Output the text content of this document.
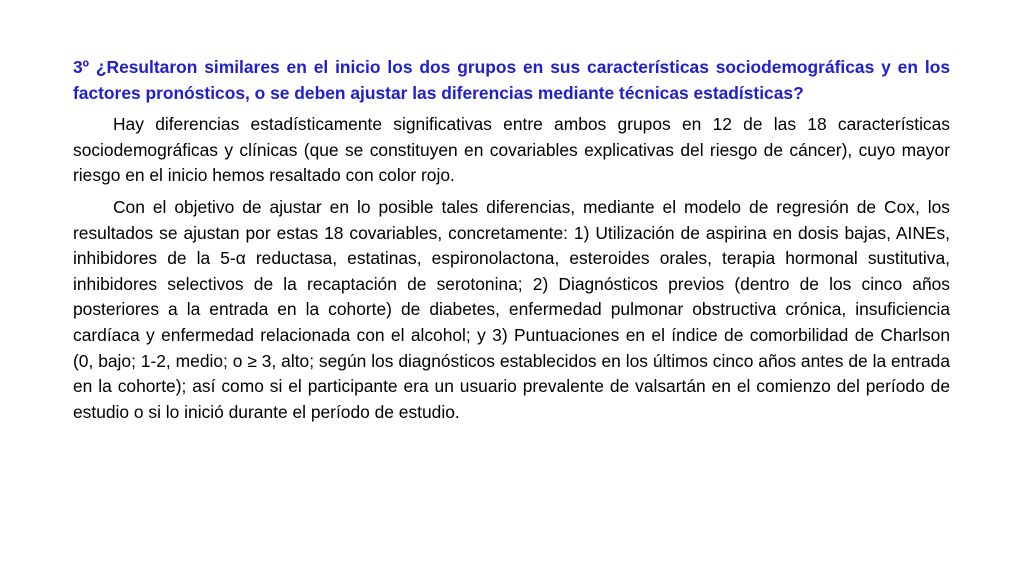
3º ¿Resultaron similares en el inicio los dos grupos en sus características sociodemográficas y en los factores pronósticos, o se deben ajustar las diferencias mediante técnicas estadísticas?

Hay diferencias estadísticamente significativas entre ambos grupos en 12 de las 18 características sociodemográficas y clínicas (que se constituyen en covariables explicativas del riesgo de cáncer), cuyo mayor riesgo en el inicio hemos resaltado con color rojo.

Con el objetivo de ajustar en lo posible tales diferencias, mediante el modelo de regresión de Cox, los resultados se ajustan por estas 18 covariables, concretamente: 1) Utilización de aspirina en dosis bajas, AINEs, inhibidores de la 5-α reductasa, estatinas, espironolactona, esteroides orales, terapia hormonal sustitutiva, inhibidores selectivos de la recaptación de serotonina; 2) Diagnósticos previos (dentro de los cinco años posteriores a la entrada en la cohorte) de diabetes, enfermedad pulmonar obstructiva crónica, insuficiencia cardíaca y enfermedad relacionada con el alcohol; y 3) Puntuaciones en el índice de comorbilidad de Charlson (0, bajo; 1-2, medio; o ≥ 3, alto; según los diagnósticos establecidos en los últimos cinco años antes de la entrada en la cohorte); así como si el participante era un usuario prevalente de valsartán en el comienzo del período de estudio o si lo inició durante el período de estudio.
